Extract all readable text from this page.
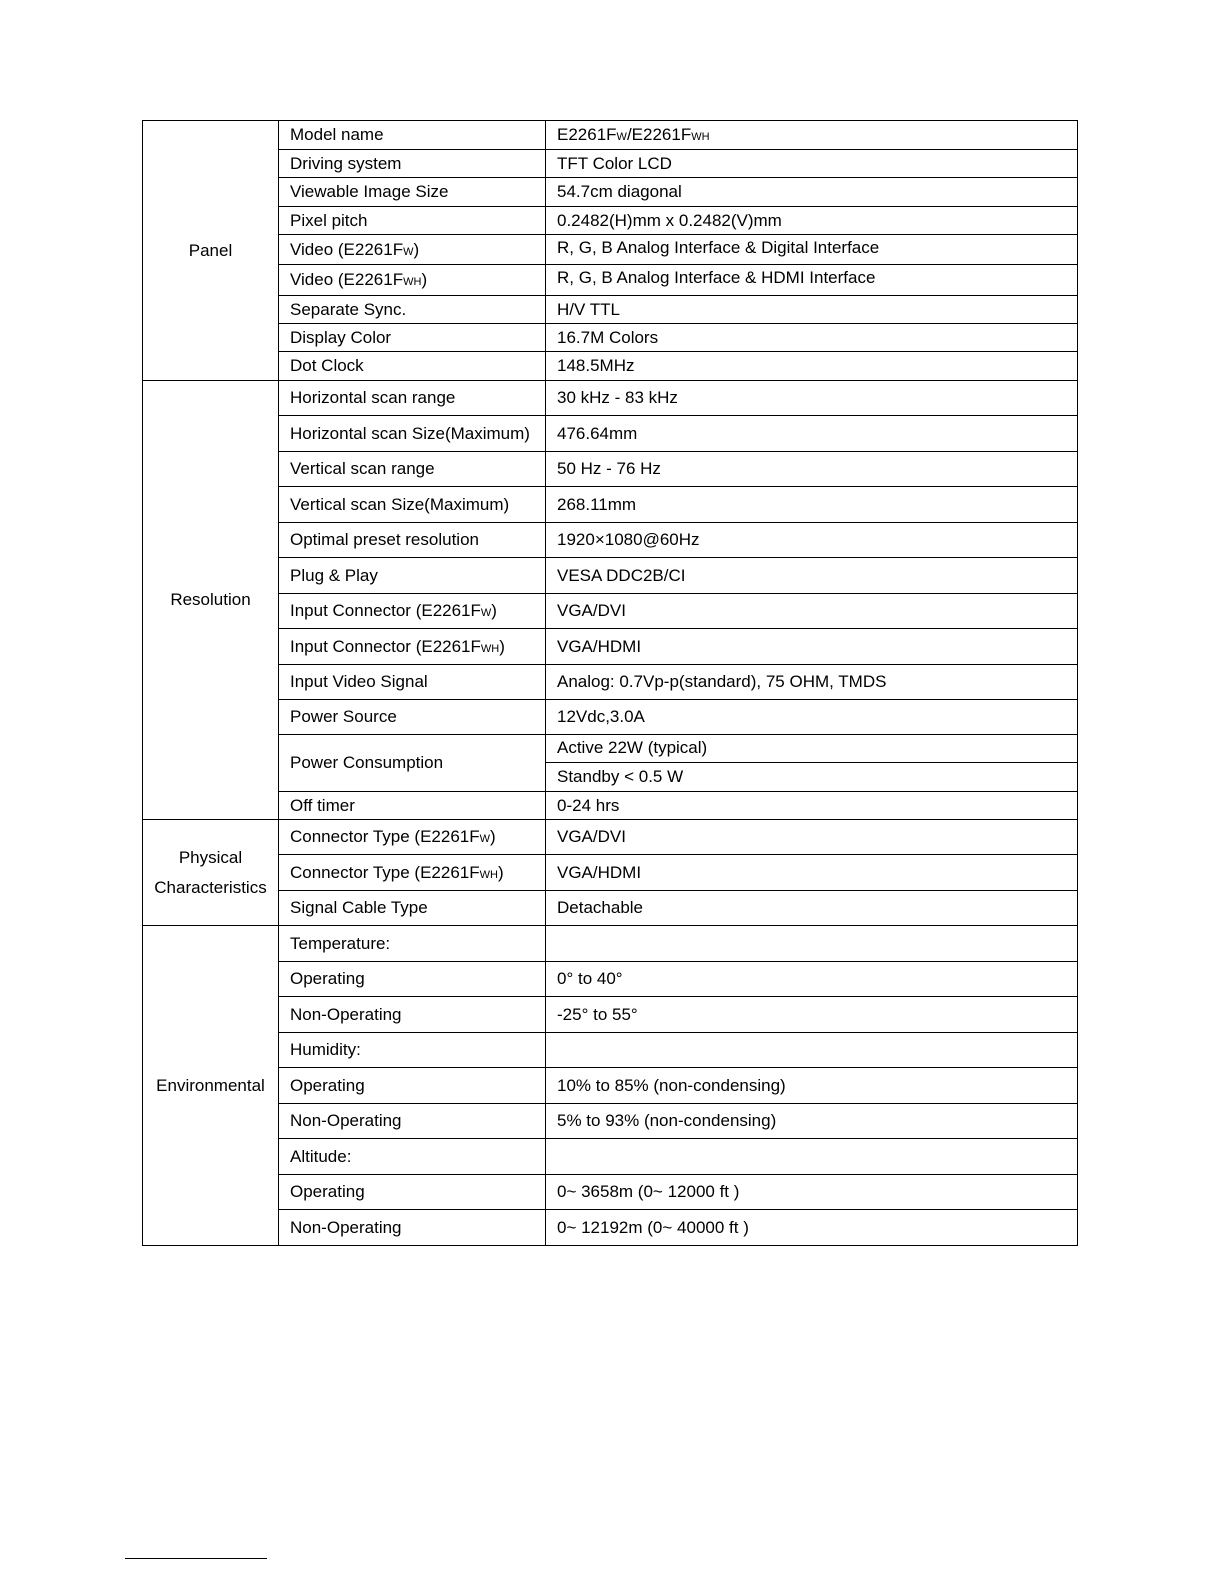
Panel	Model name	E2261FW/E2261FWH
	Driving system	TFT Color LCD
	Viewable Image Size	54.7cm diagonal
	Pixel pitch	0.2482(H)mm x 0.2482(V)mm
	Video (E2261FW)	R, G, B Analog Interface & Digital Interface
	Video (E2261FWH)	R, G, B Analog Interface & HDMI Interface
	Separate Sync.	H/V TTL
	Display Color	16.7M Colors
	Dot Clock	148.5MHz
Resolution	Horizontal scan range	30 kHz - 83 kHz
	Horizontal scan Size(Maximum)	476.64mm
	Vertical scan range	50 Hz - 76 Hz
	Vertical scan Size(Maximum)	268.11mm
	Optimal preset resolution	1920×1080@60Hz
	Plug & Play	VESA DDC2B/CI
	Input Connector (E2261FW)	VGA/DVI
	Input Connector (E2261FWH)	VGA/HDMI
	Input Video Signal	Analog: 0.7Vp-p(standard), 75 OHM, TMDS
	Power Source	12Vdc,3.0A
	Power Consumption	Active 22W (typical)
		Standby < 0.5 W
	Off timer	0-24 hrs
Physical
Characteristics	Connector Type (E2261FW)	VGA/DVI
	Connector Type (E2261FWH)	VGA/HDMI
	Signal Cable Type	Detachable
Environmental	Temperature:	
	Operating	0° to 40°
	Non-Operating	-25° to 55°
	Humidity:	
	Operating	10% to 85% (non-condensing)
	Non-Operating	5% to 93% (non-condensing)
	Altitude:	
	Operating	0~ 3658m (0~ 12000 ft )
	Non-Operating	0~ 12192m (0~ 40000 ft )
